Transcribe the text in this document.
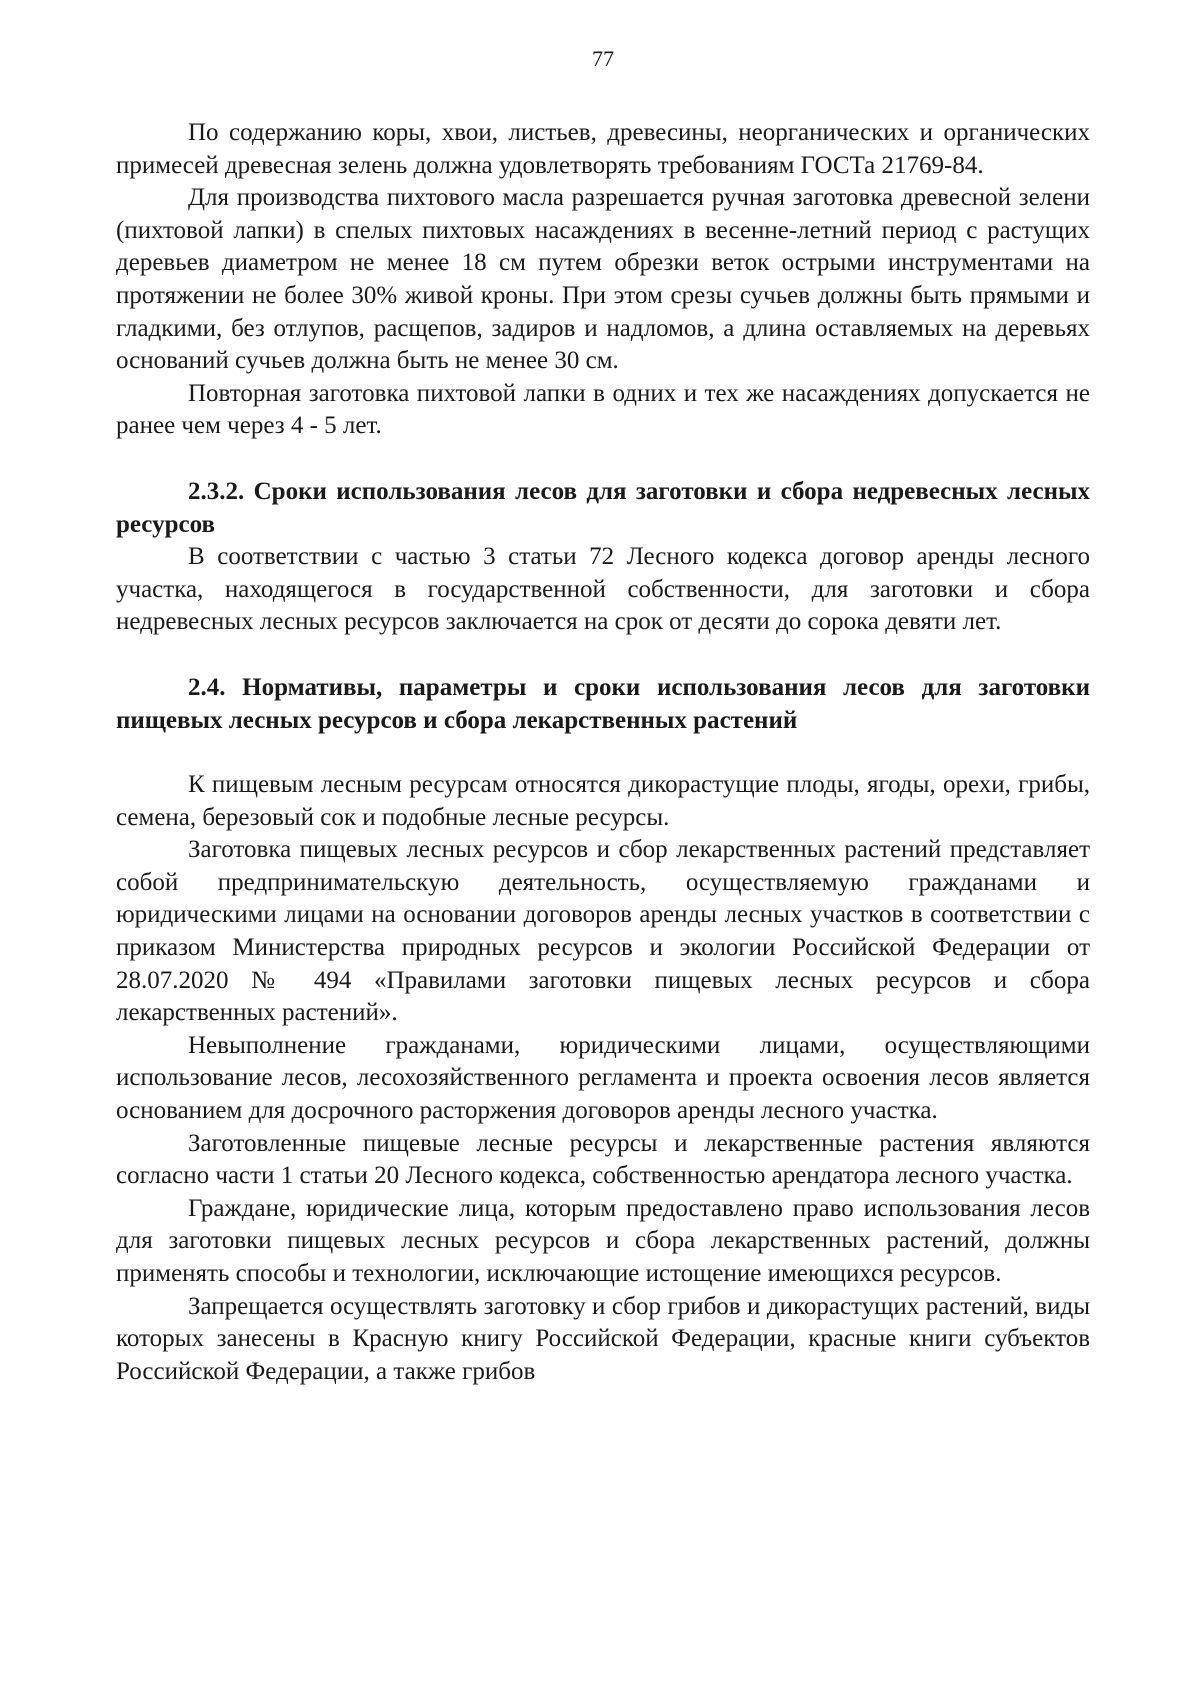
77

По содержанию коры, хвои, листьев, древесины, неорганических и органических примесей древесная зелень должна удовлетворять требованиям ГОСТа 21769-84.

Для производства пихтового масла разрешается ручная заготовка древесной зелени (пихтовой лапки) в спелых пихтовых насаждениях в весенне-летний период с растущих деревьев диаметром не менее 18 см путем обрезки веток острыми инструментами на протяжении не более 30% живой кроны. При этом срезы сучьев должны быть прямыми и гладкими, без отлупов, расщепов, задиров и надломов, а длина оставляемых на деревьях оснований сучьев должна быть не менее 30 см.

Повторная заготовка пихтовой лапки в одних и тех же насаждениях допускается не ранее чем через 4 - 5 лет.

2.3.2. Сроки использования лесов для заготовки и сбора недревесных лесных ресурсов

В соответствии с частью 3 статьи 72 Лесного кодекса договор аренды лесного участка, находящегося в государственной собственности, для заготовки и сбора недревесных лесных ресурсов заключается на срок от десяти до сорока девяти лет.

2.4. Нормативы, параметры и сроки использования лесов для заготовки пищевых лесных ресурсов и сбора лекарственных растений

К пищевым лесным ресурсам относятся дикорастущие плоды, ягоды, орехи, грибы, семена, березовый сок и подобные лесные ресурсы.

Заготовка пищевых лесных ресурсов и сбор лекарственных растений представляет собой предпринимательскую деятельность, осуществляемую гражданами и юридическими лицами на основании договоров аренды лесных участков в соответствии с приказом Министерства природных ресурсов и экологии Российской Федерации от 28.07.2020 № 494 «Правилами заготовки пищевых лесных ресурсов и сбора лекарственных растений».

Невыполнение гражданами, юридическими лицами, осуществляющими использование лесов, лесохозяйственного регламента и проекта освоения лесов является основанием для досрочного расторжения договоров аренды лесного участка.

Заготовленные пищевые лесные ресурсы и лекарственные растения являются согласно части 1 статьи 20 Лесного кодекса, собственностью арендатора лесного участка.

Граждане, юридические лица, которым предоставлено право использования лесов для заготовки пищевых лесных ресурсов и сбора лекарственных растений, должны применять способы и технологии, исключающие истощение имеющихся ресурсов.

Запрещается осуществлять заготовку и сбор грибов и дикорастущих растений, виды которых занесены в Красную книгу Российской Федерации, красные книги субъектов Российской Федерации, а также грибов
